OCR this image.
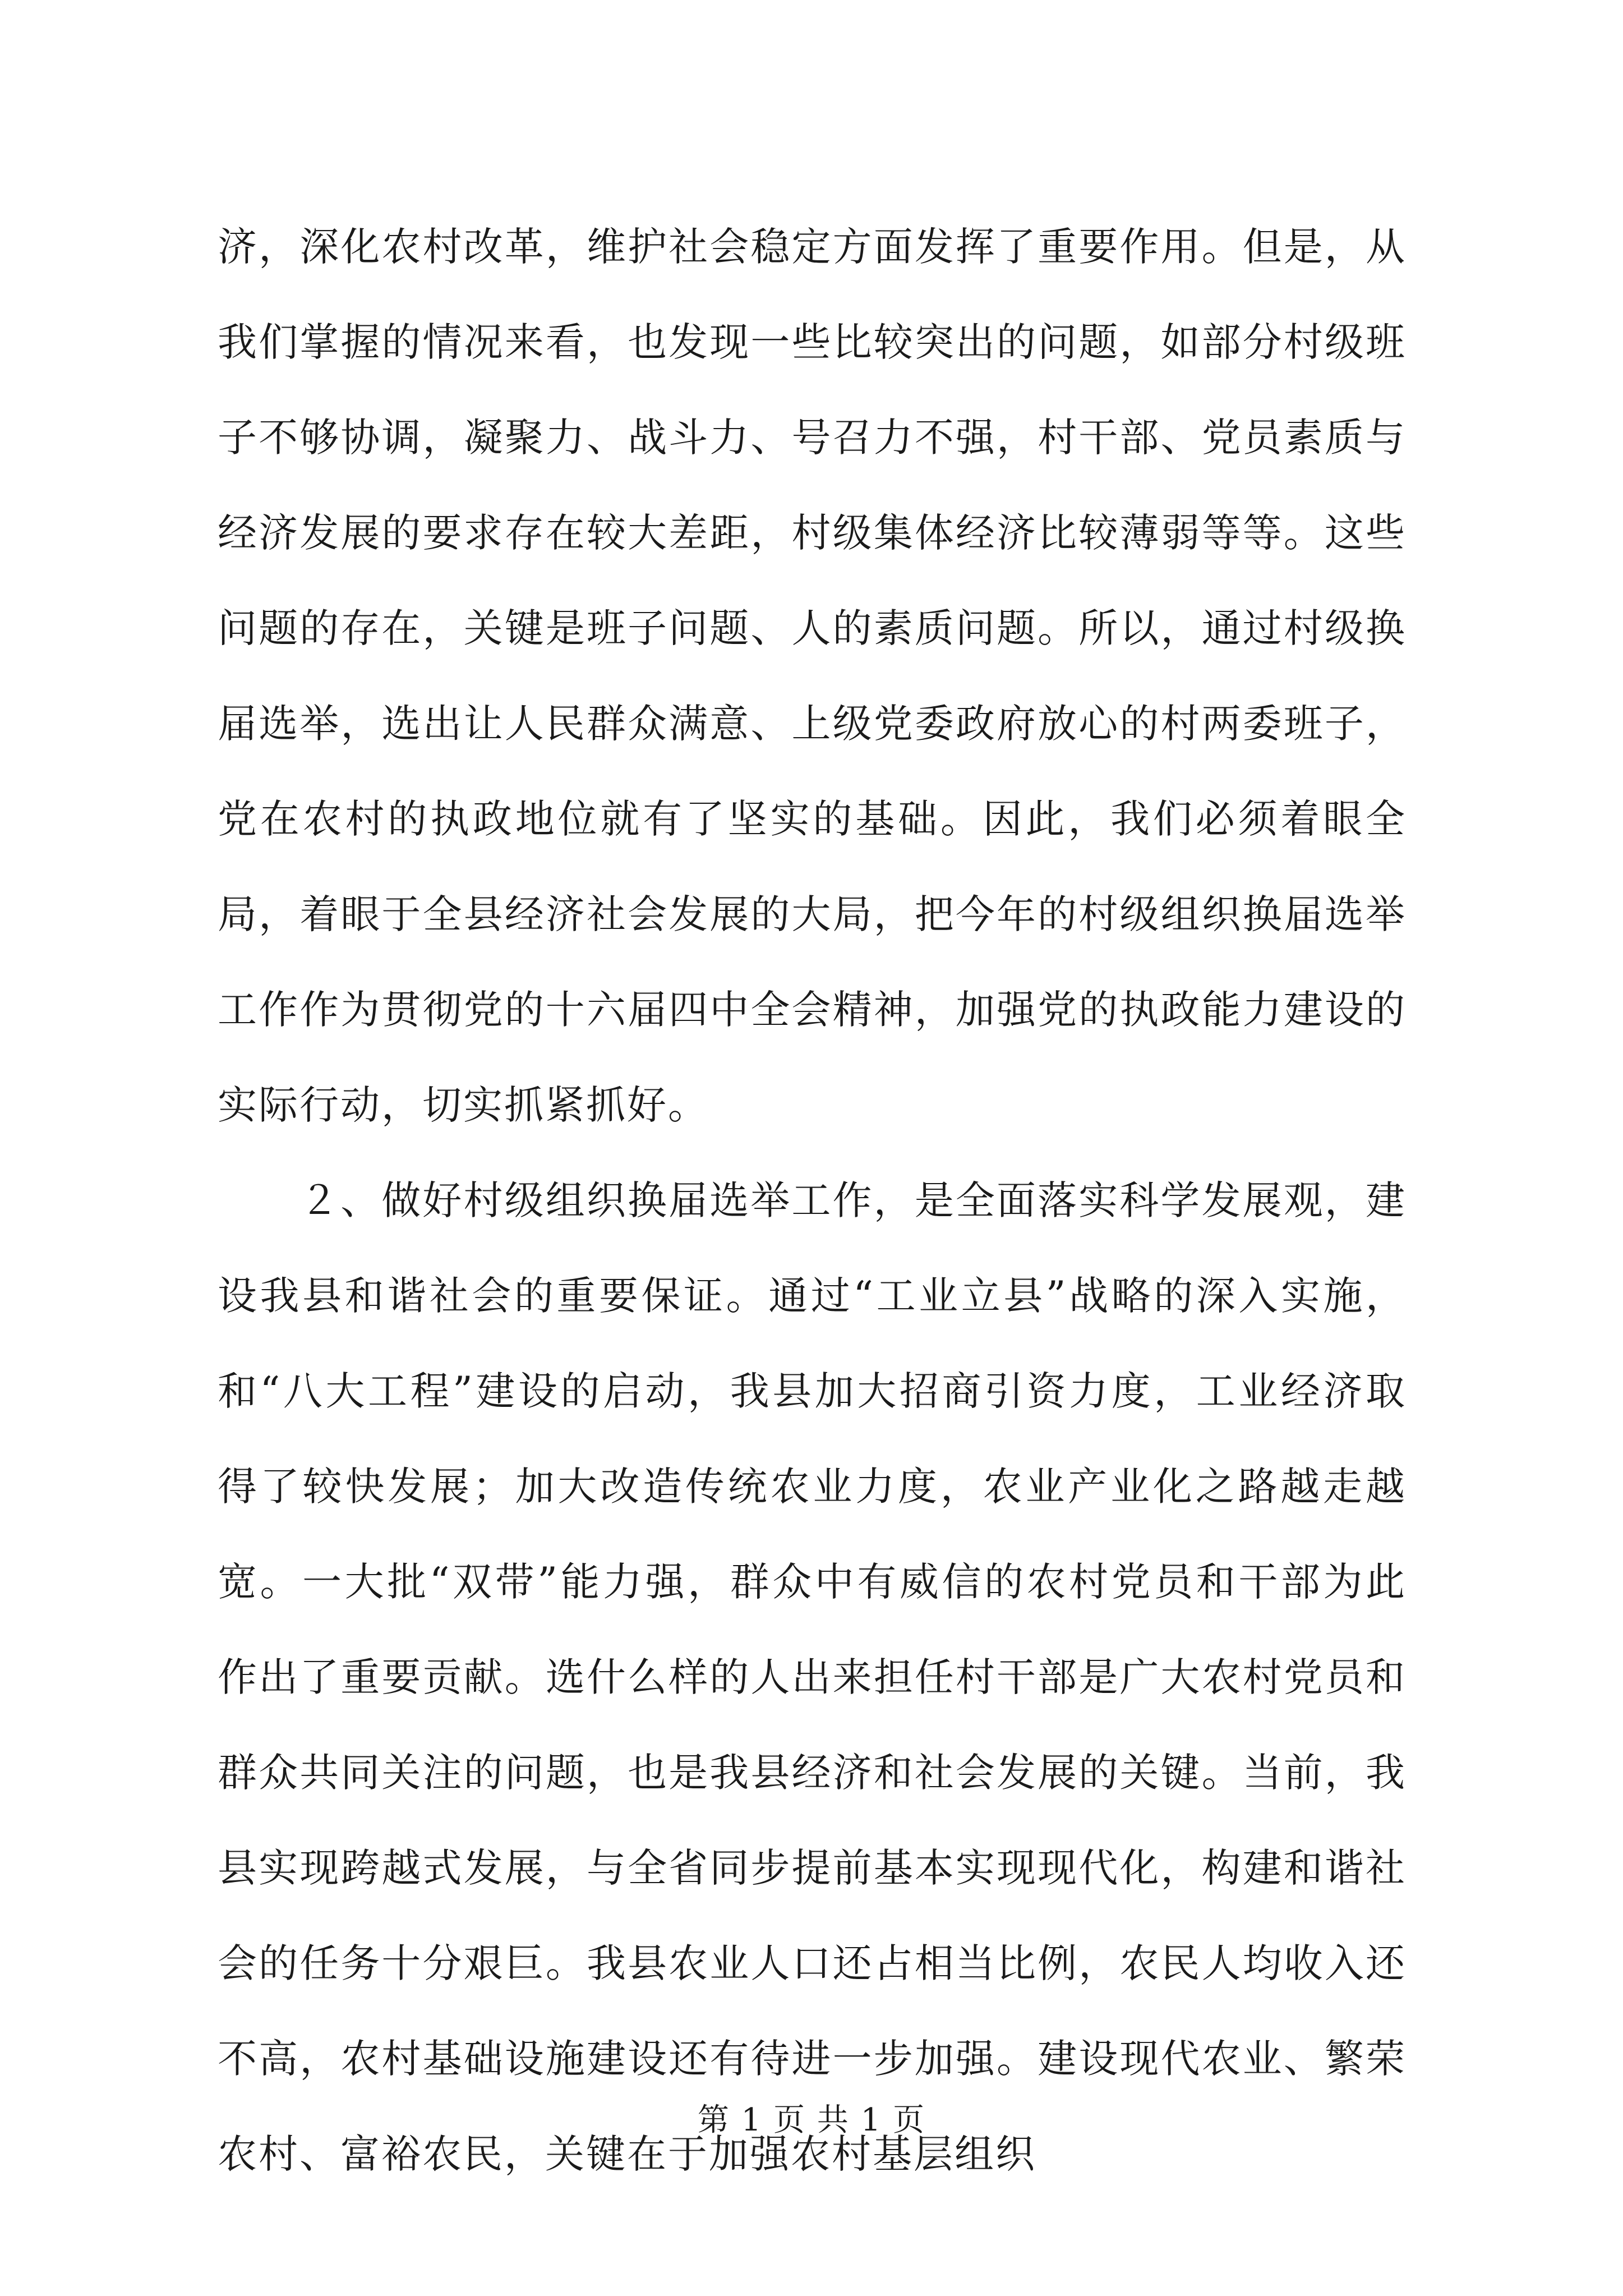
济，深化农村改革，维护社会稳定方面发挥了重要作用。但是，从我们掌握的情况来看，也发现一些比较突出的问题，如部分村级班子不够协调，凝聚力、战斗力、号召力不强，村干部、党员素质与经济发展的要求存在较大差距，村级集体经济比较薄弱等等。这些问题的存在，关键是班子问题、人的素质问题。所以，通过村级换届选举，选出让人民群众满意、上级党委政府放心的村两委班子，党在农村的执政地位就有了坚实的基础。因此，我们必须着眼全局，着眼于全县经济社会发展的大局，把今年的村级组织换届选举工作作为贯彻党的十六届四中全会精神，加强党的执政能力建设的实际行动，切实抓紧抓好。

２、做好村级组织换届选举工作，是全面落实科学发展观，建设我县和谐社会的重要保证。通过“工业立县”战略的深入实施，和“八大工程”建设的启动，我县加大招商引资力度，工业经济取得了较快发展；加大改造传统农业力度，农业产业化之路越走越宽。一大批“双带”能力强，群众中有威信的农村党员和干部为此作出了重要贡献。选什么样的人出来担任村干部是广大农村党员和群众共同关注的问题，也是我县经济和社会发展的关键。当前，我县实现跨越式发展，与全省同步提前基本实现现代化，构建和谐社会的任务十分艰巨。我县农业人口还占相当比例，农民人均收入还不高，农村基础设施建设还有待进一步加强。建设现代农业、繁荣农村、富裕农民，关键在于加强农村基层组织

第 1 页 共 1 页
